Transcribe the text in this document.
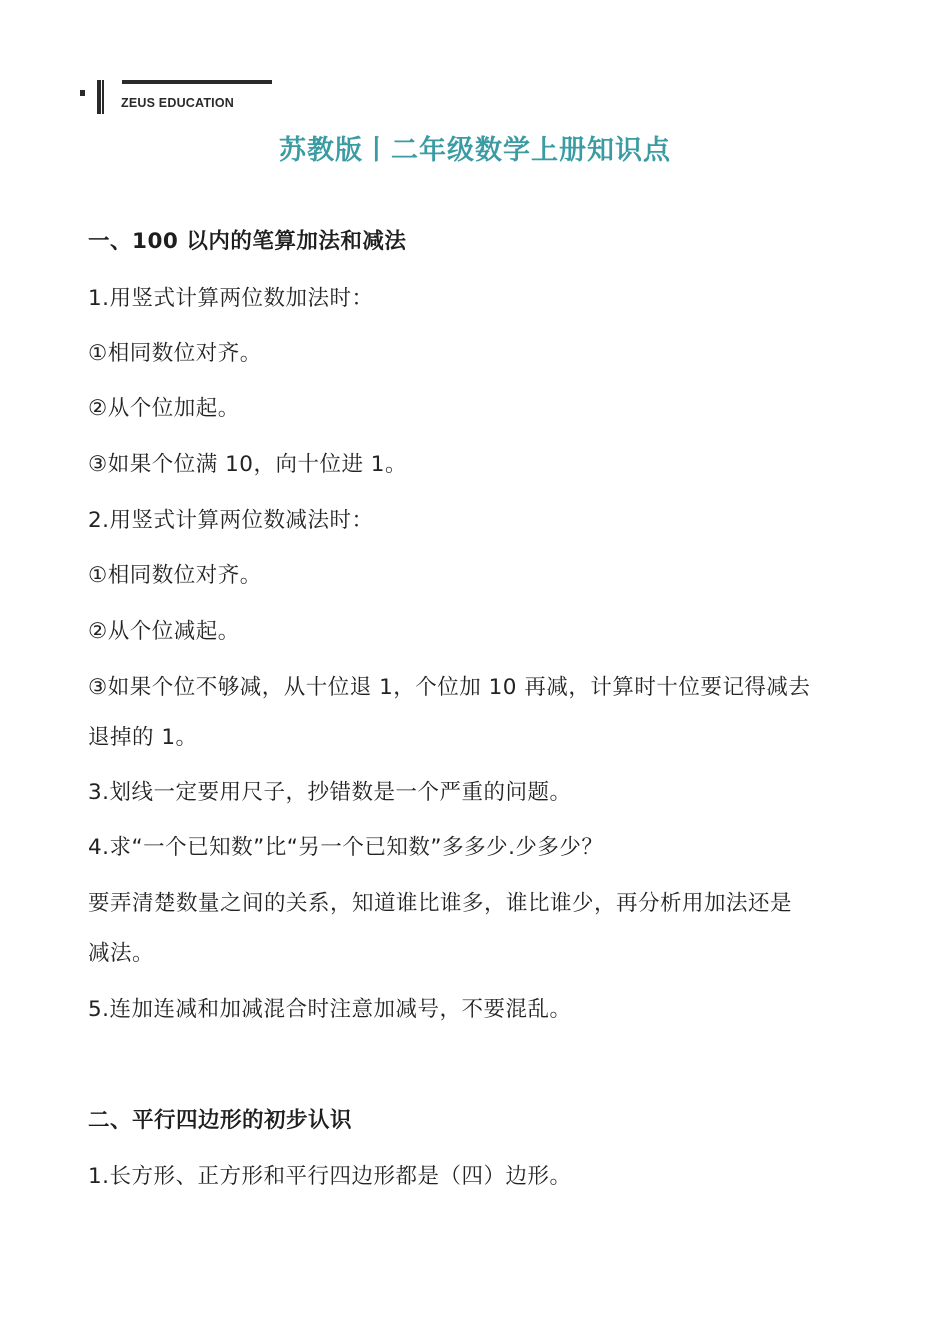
ZEUS EDUCATION
苏教版丨二年级数学上册知识点
一、100 以内的笔算加法和减法
1.用竖式计算两位数加法时：
①相同数位对齐。
②从个位加起。
③如果个位满 10，向十位进 1。
2.用竖式计算两位数减法时：
①相同数位对齐。
②从个位减起。
③如果个位不够减，从十位退 1，个位加 10 再减，计算时十位要记得减去
退掉的 1。
3.划线一定要用尺子，抄错数是一个严重的问题。
4.求“一个已知数”比“另一个已知数”多多少.少多少？
要弄清楚数量之间的关系，知道谁比谁多，谁比谁少，再分析用加法还是
减法。
5.连加连减和加减混合时注意加减号，不要混乱。
二、平行四边形的初步认识
1.长方形、正方形和平行四边形都是（四）边形。
